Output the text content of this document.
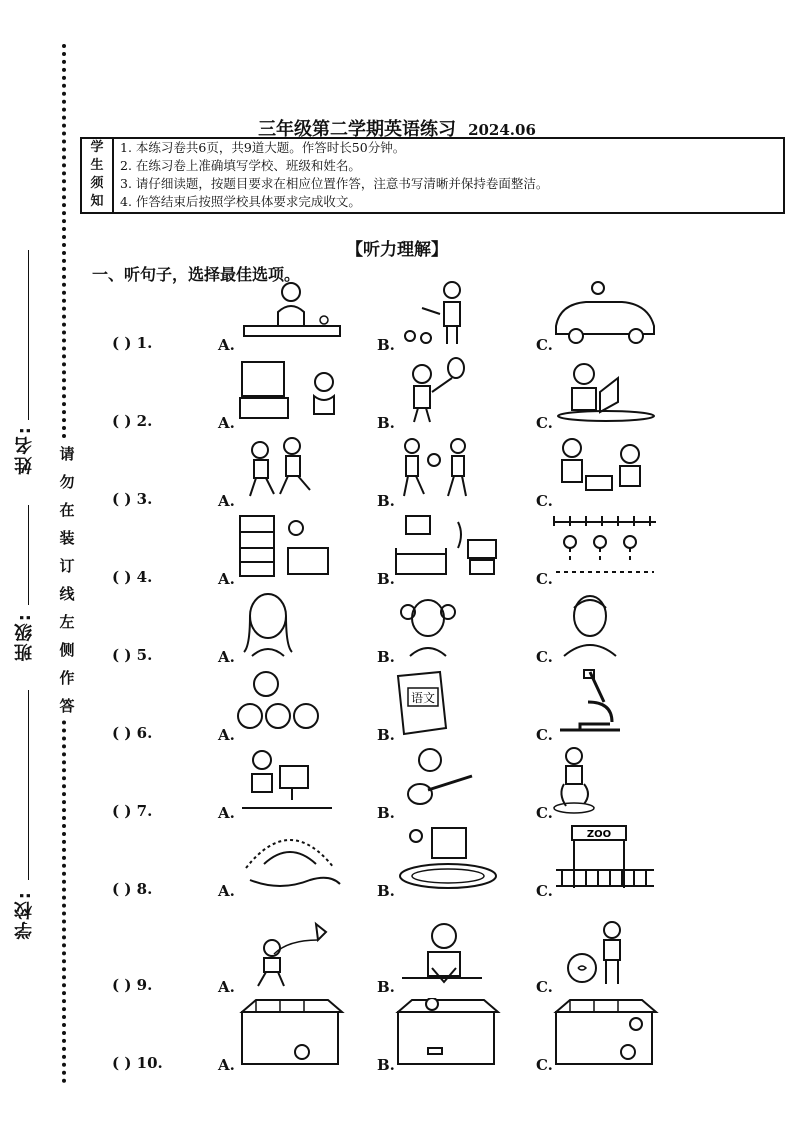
姓名:
班级:
学校:
请
勿
在
装
订
线
左
侧
作
答
三年级第二学期英语练习 2024.06
学
生
须
知
1. 本练习卷共6页，共9道大题。作答时长50分钟。
2. 在练习卷上准确填写学校、班级和姓名。
3. 请仔细读题，按题目要求在相应位置作答，注意书写清晰并保持卷面整洁。
4. 作答结束后按照学校具体要求完成收文。
【听力理解】
一、听句子，选择最佳选项。
( ) 1.	A.	B.	C.
( ) 2.	A.	B.	C.
( ) 3.	A.	B.	C.
( ) 4.	A.	B.	C.
( ) 5.	A.	B.	C.
( ) 6.	A.	B.	C.
语文
( ) 7.	A.	B.	C.
( ) 8.	A.	B.	C.
ZOO
( ) 9.	A.	B.	C.
( ) 10.	A.	B.	C.
